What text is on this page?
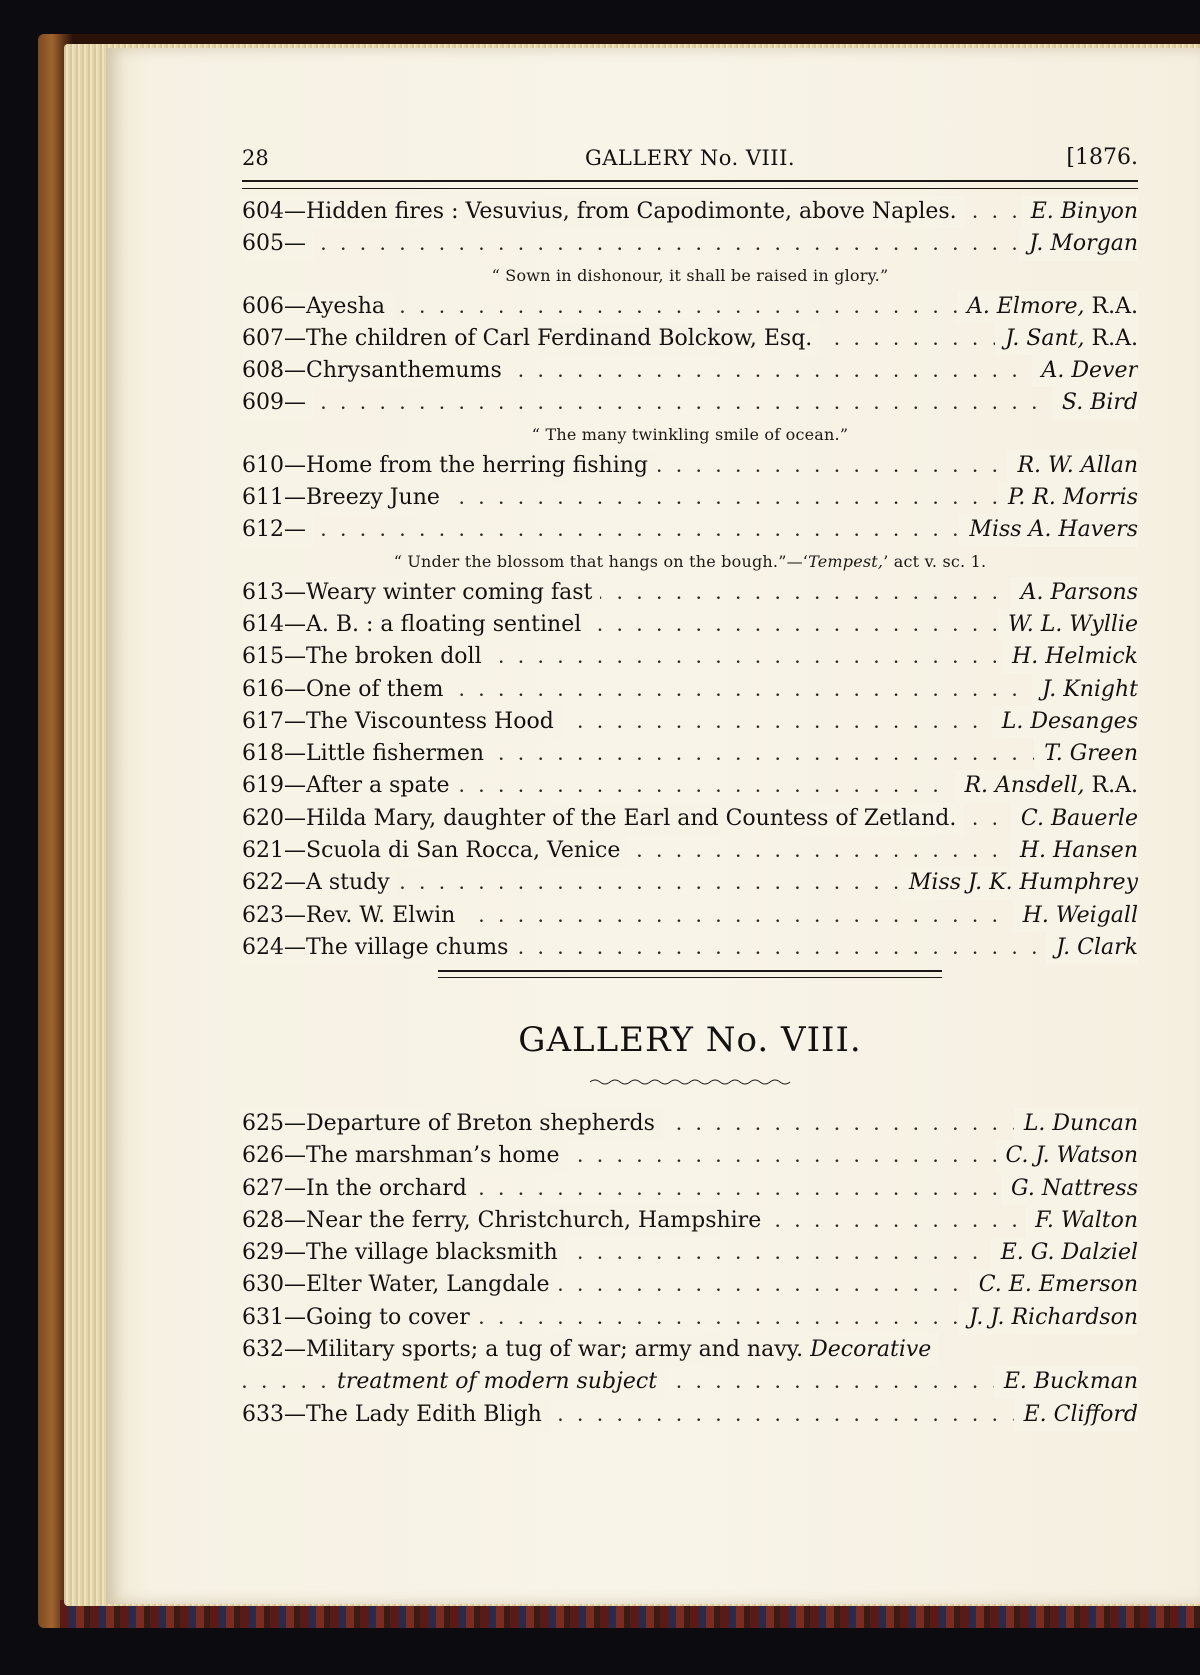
28	GALLERY No. VIII.	[1876.
. . .
604—Hidden fires : Vesuvius, from Capodimonte, above Naples.	E. Binyon
. . .
605—	J. Morgan
“ Sown in dishonour, it shall be raised in glory.”
. . .
606—Ayesha	A. Elmore, R.A.
. . .
607—The children of Carl Ferdinand Bolckow, Esq.	J. Sant, R.A.
. . .
608—Chrysanthemums	A. Dever
. . .
609—	S. Bird
“ The many twinkling smile of ocean.”
. . .
610—Home from the herring fishing	R. W. Allan
. . .
611—Breezy June	P. R. Morris
. . .
612—	Miss A. Havers
“ Under the blossom that hangs on the bough.”—‘Tempest,’ act v. sc. 1.
. . .
613—Weary winter coming fast	A. Parsons
. . .
614—A. B. : a floating sentinel	W. L. Wyllie
. . .
615—The broken doll	H. Helmick
. . .
616—One of them	J. Knight
. . .
617—The Viscountess Hood	L. Desanges
. . .
618—Little fishermen	T. Green
. . .
619—After a spate	R. Ansdell, R.A.
. . .
620—Hilda Mary, daughter of the Earl and Countess of Zetland.	C. Bauerle
. . .
621—Scuola di San Rocca, Venice	H. Hansen
. . .
622—A study	Miss J. K. Humphrey
. . .
623—Rev. W. Elwin	H. Weigall
. . .
624—The village chums	J. Clark
GALLERY No. VIII.
. . .
625—Departure of Breton shepherds	L. Duncan
. . .
626—The marshman’s home	C. J. Watson
. . .
627—In the orchard	G. Nattress
. . .
628—Near the ferry, Christchurch, Hampshire	F. Walton
. . .
629—The village blacksmith	E. G. Dalziel
. . .
630—Elter Water, Langdale	C. E. Emerson
. . .
631—Going to cover	J. J. Richardson
632—Military sports; a tug of war; army and navy. Decorative
. . .
treatment of modern subject	E. Buckman
. . .
633—The Lady Edith Bligh	E. Clifford
